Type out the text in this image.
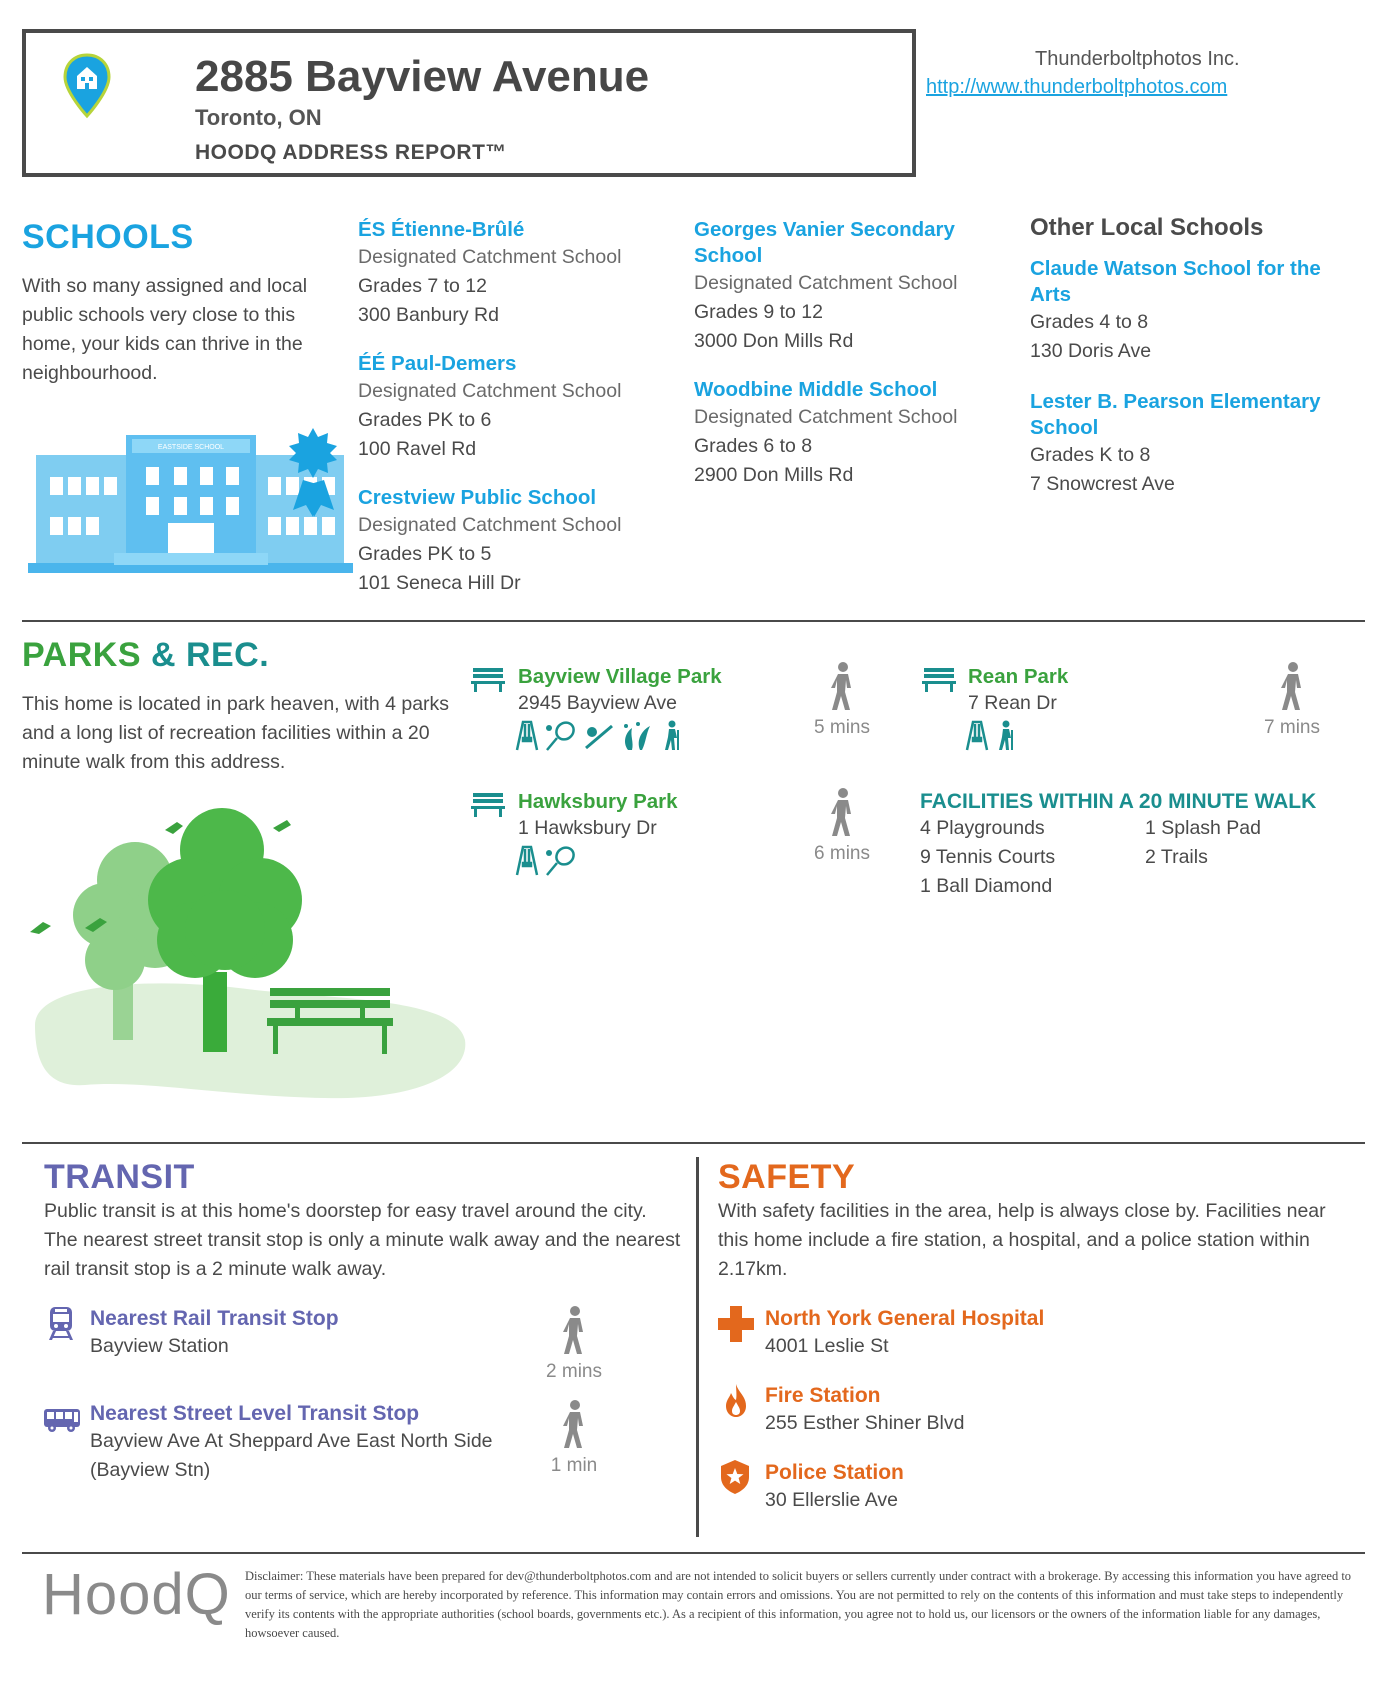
2885 Bayview Avenue
Toronto, ON
HOODQ ADDRESS REPORT™
Thunderboltphotos Inc.
http://www.thunderboltphotos.com
SCHOOLS
With so many assigned and local public schools very close to this home, your kids can thrive in the neighbourhood.
EASTSIDE SCHOOL
ÉS Étienne-Brûlé
Designated Catchment School
Grades 7 to 12
300 Banbury Rd
ÉÉ Paul-Demers
Designated Catchment School
Grades PK to 6
100 Ravel Rd
Crestview Public School
Designated Catchment School
Grades PK to 5
101 Seneca Hill Dr
Georges Vanier Secondary School
Designated Catchment School
Grades 9 to 12
3000 Don Mills Rd
Woodbine Middle School
Designated Catchment School
Grades 6 to 8
2900 Don Mills Rd
Other Local Schools
Claude Watson School for the Arts
Grades 4 to 8
130 Doris Ave
Lester B. Pearson Elementary School
Grades K to 8
7 Snowcrest Ave
PARKS & REC.
This home is located in park heaven, with 4 parks and a long list of recreation facilities within a 20 minute walk from this address.
Bayview Village Park
2945 Bayview Ave

5 mins
Rean Park
7 Rean Dr

7 mins
Hawksbury Park
1 Hawksbury Dr

6 mins
FACILITIES WITHIN A 20 MINUTE WALK
4 Playgrounds
9 Tennis Courts
1 Ball Diamond
1 Splash Pad
2 Trails
TRANSIT
Public transit is at this home's doorstep for easy travel around the city. The nearest street transit stop is only a minute walk away and the nearest rail transit stop is a 2 minute walk away.
Nearest Rail Transit Stop
Bayview Station
2 mins
Nearest Street Level Transit Stop
Bayview Ave At Sheppard Ave East North Side
(Bayview Stn)	1 min
SAFETY
With safety facilities in the area, help is always close by. Facilities near this home include a fire station, a hospital, and a police station within 2.17km.
North York General Hospital
4001 Leslie St
Fire Station
255 Esther Shiner Blvd
Police Station
30 Ellerslie Ave
HoodQ Disclaimer: These materials have been prepared for dev@thunderboltphotos.com and are not intended to solicit buyers or sellers currently under contract with a brokerage. By accessing this information you have agreed to our terms of service, which are hereby incorporated by reference. This information may contain errors and omissions. You are not permitted to rely on the contents of this information and must take steps to independently verify its contents with the appropriate authorities (school boards, governments etc.). As a recipient of this information, you agree not to hold us, our licensors or the owners of the information liable for any damages, howsoever caused.
